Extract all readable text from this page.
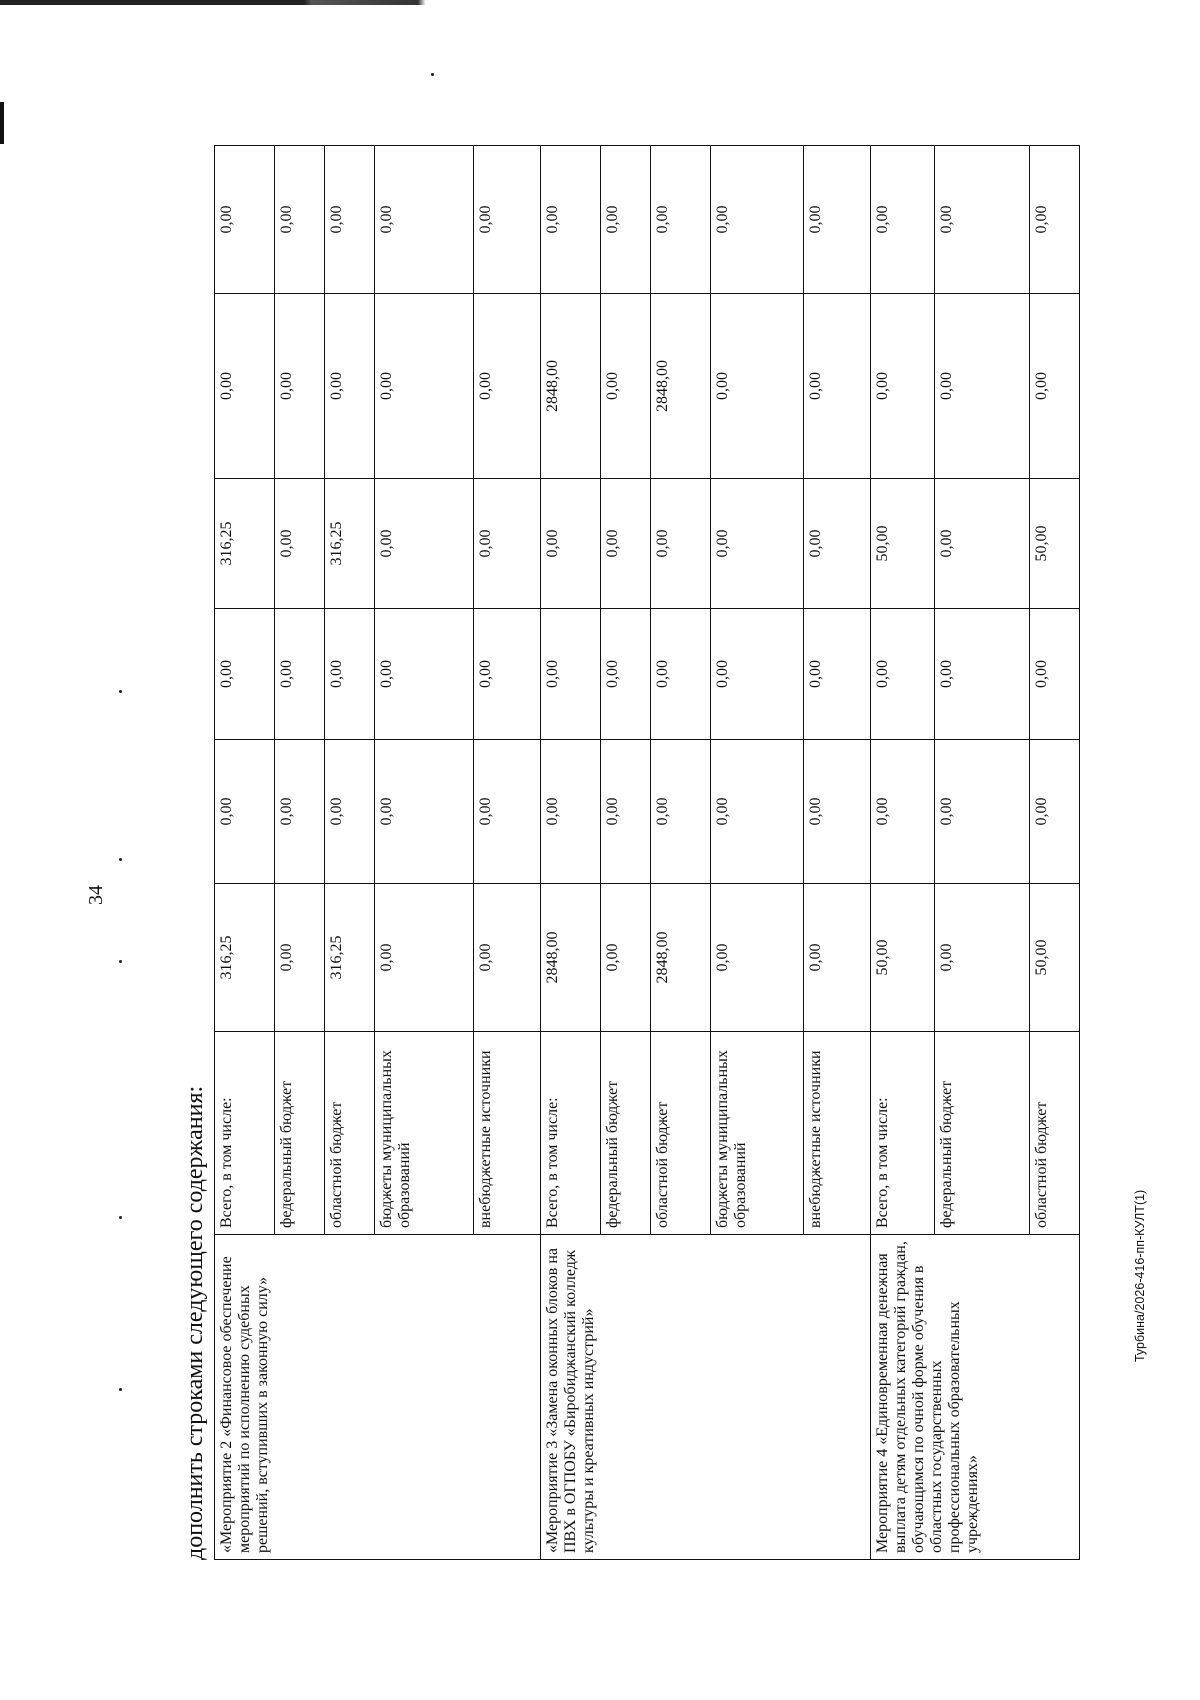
34
Турбина/2026-416-пп-КУЛТ(1)
дополнить строками следующего содержания: «Мероприятие 2 «Финансовое обеспечение мероприятий по исполнению судебных решений, вступивших в законную силу»	Всего, в том числе:	316,25	0,00	0,00	316,25	0,00	0,00
	федеральный бюджет	0,00	0,00	0,00	0,00	0,00	0,00
	областной бюджет	316,25	0,00	0,00	316,25	0,00	0,00
	бюджеты муниципальных образований	0,00	0,00	0,00	0,00	0,00	0,00
	внебюджетные источники	0,00	0,00	0,00	0,00	0,00	0,00
«Мероприятие 3 «Замена оконных блоков на ПВХ в ОГПОБУ «Биробиджанский колледж культуры и креативных индустрий»	Всего, в том числе:	2848,00	0,00	0,00	0,00	2848,00	0,00
	федеральный бюджет	0,00	0,00	0,00	0,00	0,00	0,00
	областной бюджет	2848,00	0,00	0,00	0,00	2848,00	0,00
	бюджеты муниципальных образований	0,00	0,00	0,00	0,00	0,00	0,00
	внебюджетные источники	0,00	0,00	0,00	0,00	0,00	0,00
Мероприятие 4 «Единовременная денежная выплата детям отдельных категорий граждан, обучающимся по очной форме обучения в областных государственных профессиональных образовательных учреждениях»	Всего, в том числе:	50,00	0,00	0,00	50,00	0,00	0,00
	федеральный бюджет	0,00	0,00	0,00	0,00	0,00	0,00
	областной бюджет	50,00	0,00	0,00	50,00	0,00	0,00
